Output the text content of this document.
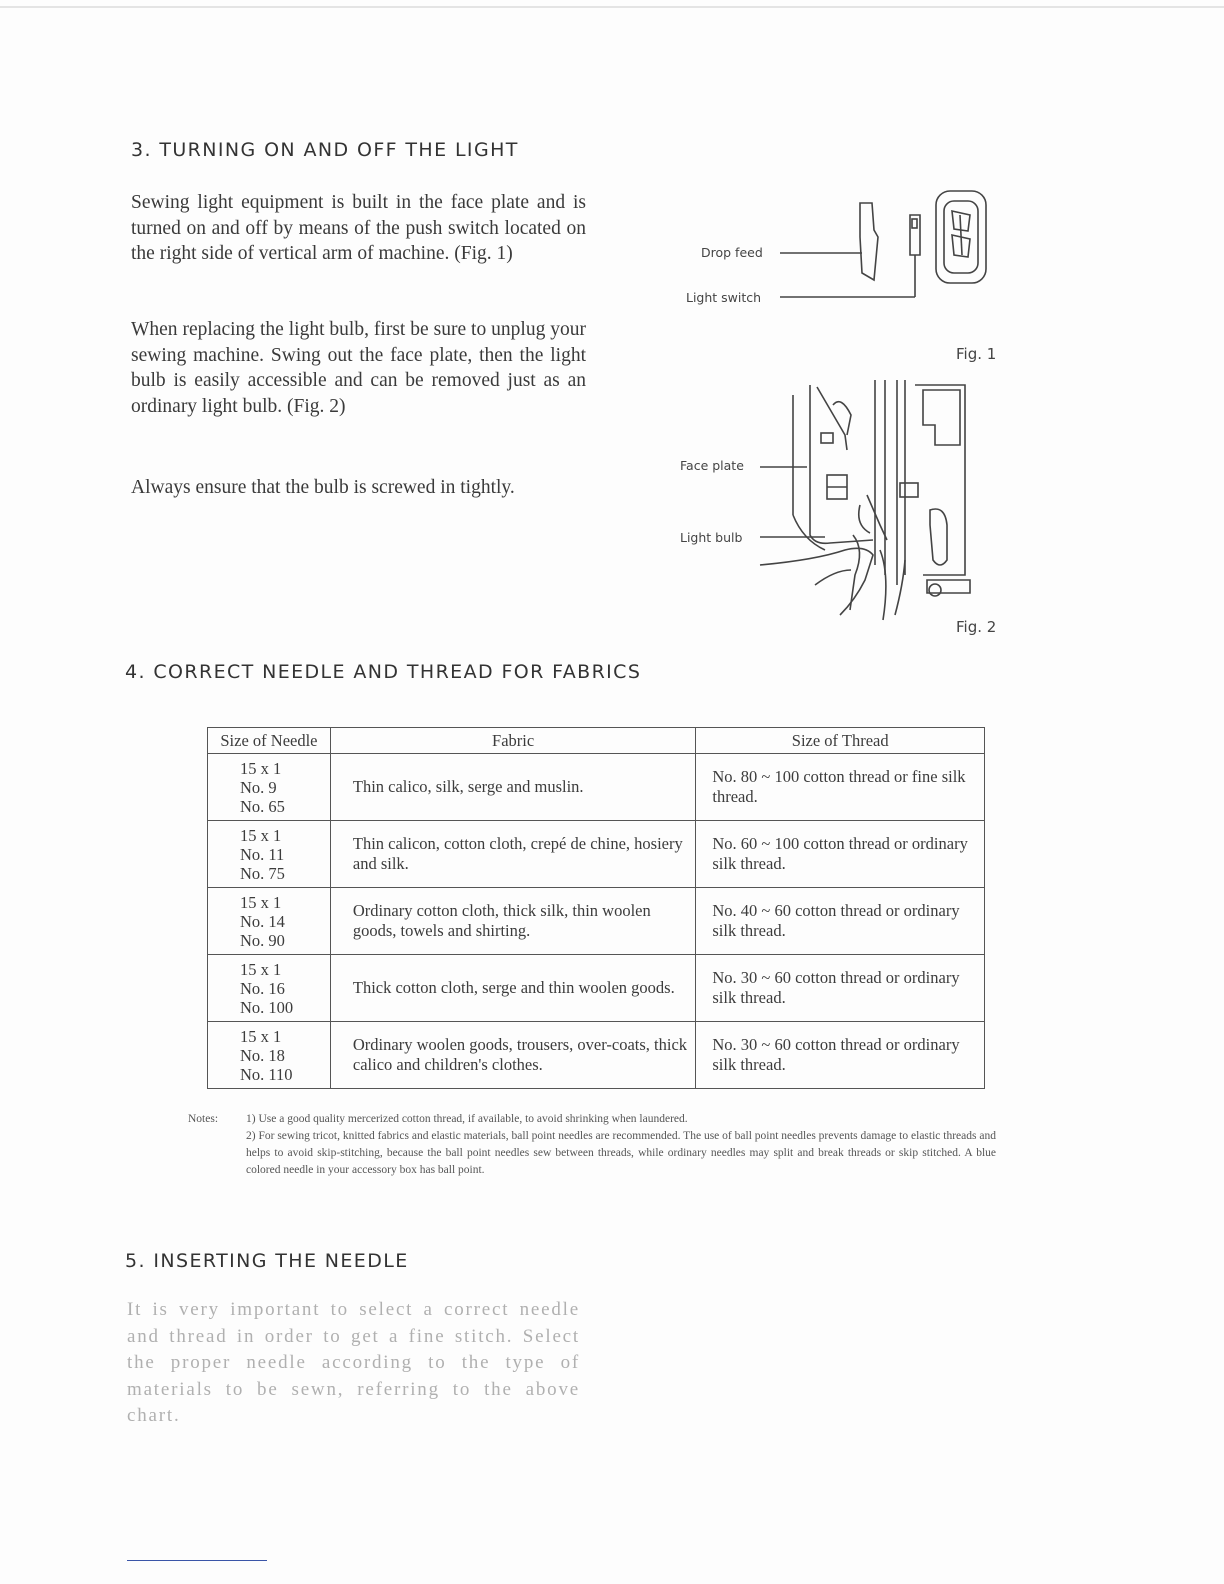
3. TURNING ON AND OFF THE LIGHT

Sewing light equipment is built in the face plate and is turned on and off by means of the push switch located on the right side of vertical arm of machine. (Fig. 1)

When replacing the light bulb, first be sure to unplug your sewing machine. Swing out the face plate, then the light bulb is easily accessible and can be removed just as an ordinary light bulb. (Fig. 2)

Always ensure that the bulb is screwed in tightly.

Drop feed
Light switch
Fig. 1
Face plate
Light bulb
Fig. 2
4. CORRECT NEEDLE AND THREAD FOR FABRICS
Size of Needle	Fabric	Size of Thread

15 x 1
No. 9
No. 65	Thin calico, silk, serge and muslin.	No. 80 ~ 100 cotton thread or fine silk thread.

15 x 1
No. 11
No. 75	Thin calicon, cotton cloth, crepé de chine, hosiery and silk.	No. 60 ~ 100 cotton thread or ordinary silk thread.

15 x 1
No. 14
No. 90	Ordinary cotton cloth, thick silk, thin woolen goods, towels and shirting.	No. 40 ~ 60 cotton thread or ordinary silk thread.

15 x 1
No. 16
No. 100	Thick cotton cloth, serge and thin woolen goods.	No. 30 ~ 60 cotton thread or ordinary silk thread.

15 x 1
No. 18
No. 110	Ordinary woolen goods, trousers, over-coats, thick calico and children's clothes.	No. 30 ~ 60 cotton thread or ordinary silk thread.
Notes: 1) Use a good quality mercerized cotton thread, if available, to avoid shrinking when laundered.
2) For sewing tricot, knitted fabrics and elastic materials, ball point needles are recommended. The use of ball point needles prevents damage to elastic threads and helps to avoid skip-stitching, because the ball point needles sew between threads, while ordinary needles may split and break threads or skip stitched. A blue colored needle in your accessory box has ball point.
5. INSERTING THE NEEDLE

It is very important to select a correct needle and thread in order to get a fine stitch. Select the proper needle according to the type of materials to be sewn, referring to the above chart.
